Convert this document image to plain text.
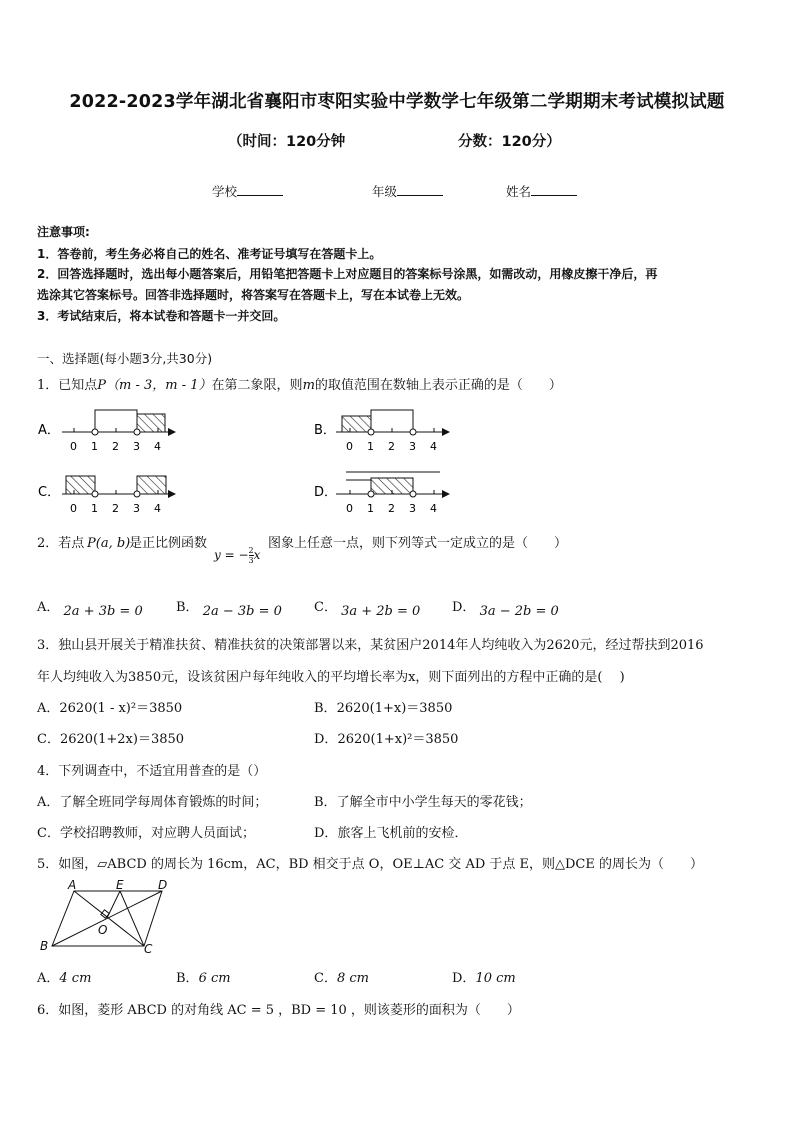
2022-2023学年湖北省襄阳市枣阳实验中学数学七年级第二学期期末考试模拟试题
（时间：120分钟	分数：120分）
学校	年级	姓名
注意事项:
1．答卷前，考生务必将自己的姓名、准考证号填写在答题卡上。
2．回答选择题时，选出每小题答案后，用铅笔把答题卡上对应题目的答案标号涂黑，如需改动，用橡皮擦干净后，再
选涂其它答案标号。回答非选择题时，将答案写在答题卡上，写在本试卷上无效。
3．考试结束后，将本试卷和答题卡一并交回。
一、选择题(每小题3分,共30分)
1．已知点P（m - 3，m - 1）在第二象限，则m的取值范围在数轴上表示正确的是（　　）
A．
0 1 2 3 4
B．
0 1 2 3 4
C．
0 1 2 3 4
D．
0 1 2 3 4
2．若点 P(a, b)
是正比例函数
y = − $\frac{2}{3}$ x
图象上任意一点，则下列等式一定成立的是（　　）
A． 2a + 3b = 0	B． 2a − 3b = 0 C． 3a + 2b = 0 D． 3a − 2b = 0
3．独山县开展关于精准扶贫、精准扶贫的决策部署以来，某贫困户2014年人均纯收入为2620元，经过帮扶到2016
年人均纯收入为3850元，设该贫困户每年纯收入的平均增长率为x，则下面列出的方程中正确的是(　 )
A．2620(1 - x)²＝3850	B．2620(1+x)＝3850
C．2620(1+2x)＝3850	D．2620(1+x)²＝3850
4．下列调查中，不适宜用普查的是（）
A．了解全班同学每周体育锻炼的时间；	B．了解全市中小学生每天的零花钱；
C．学校招聘教师，对应聘人员面试；	D．旅客上飞机前的安检．
5．如图，▱ABCD 的周长为 16cm，AC，BD 相交于点 O，OE⊥AC 交 AD 于点 E，则△DCE 的周长为（　　）
A	E	D
O
B	C
A．4 cm	B．6 cm	C．8 cm	D．10 cm
6．如图，菱形 ABCD 的对角线 AC = 5 ，BD = 10 ，则该菱形的面积为（　　）
